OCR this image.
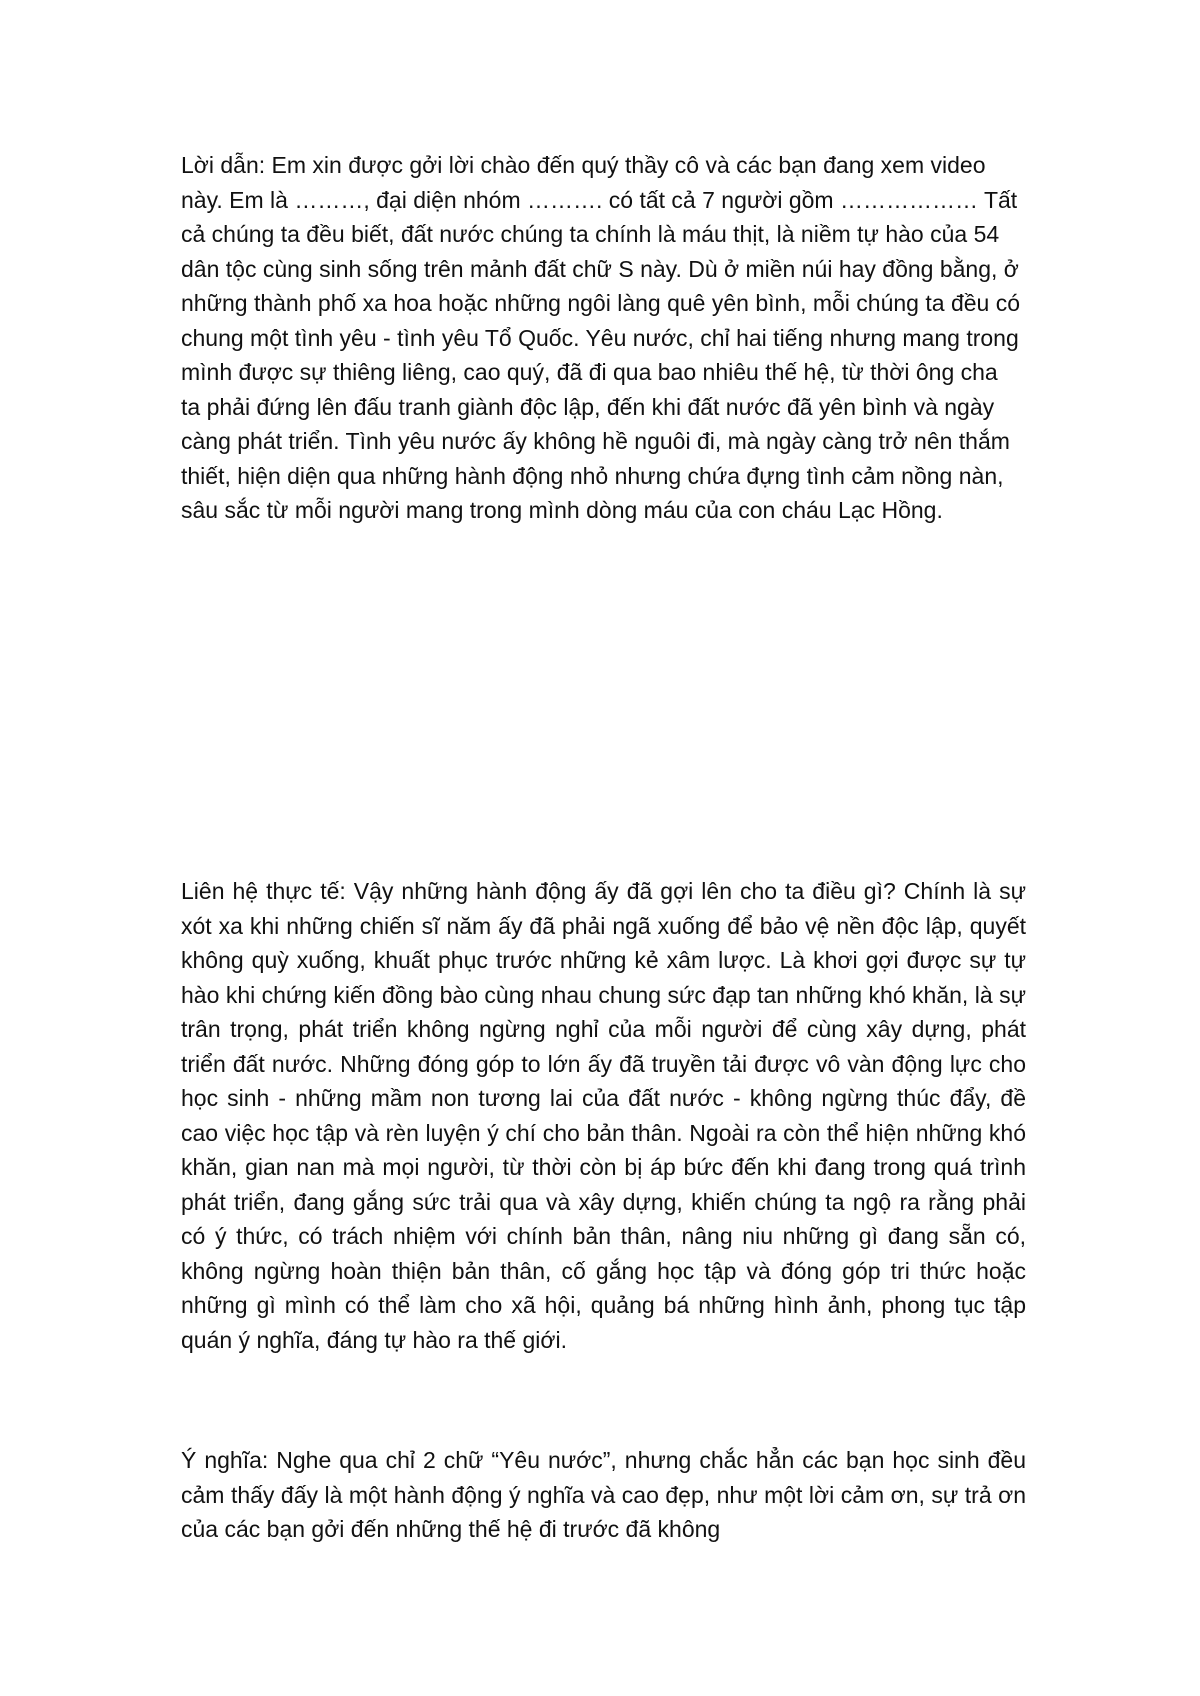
Lời dẫn: Em xin được gởi lời chào đến quý thầy cô và các bạn đang xem video này. Em là ………, đại diện nhóm ………. có tất cả 7 người gồm ……………… Tất cả chúng ta đều biết, đất nước chúng ta chính là máu thịt, là niềm tự hào của 54 dân tộc cùng sinh sống trên mảnh đất chữ S này. Dù ở miền núi hay đồng bằng, ở những thành phố xa hoa hoặc những ngôi làng quê yên bình, mỗi chúng ta đều có chung một tình yêu - tình yêu Tổ Quốc. Yêu nước, chỉ hai tiếng nhưng mang trong mình được sự thiêng liêng, cao quý, đã đi qua bao nhiêu thế hệ, từ thời ông cha ta phải đứng lên đấu tranh giành độc lập, đến khi đất nước đã yên bình và ngày càng phát triển. Tình yêu nước ấy không hề nguôi đi, mà ngày càng trở nên thắm thiết, hiện diện qua những hành động nhỏ nhưng chứa đựng tình cảm nồng nàn, sâu sắc từ mỗi người mang trong mình dòng máu của con cháu Lạc Hồng.

Liên hệ thực tế: Vậy những hành động ấy đã gợi lên cho ta điều gì? Chính là sự xót xa khi những chiến sĩ năm ấy đã phải ngã xuống để bảo vệ nền độc lập, quyết không quỳ xuống, khuất phục trước những kẻ xâm lược. Là khơi gợi được sự tự hào khi chứng kiến đồng bào cùng nhau chung sức đạp tan những khó khăn, là sự trân trọng, phát triển không ngừng nghỉ của mỗi người để cùng xây dựng, phát triển đất nước. Những đóng góp to lớn ấy đã truyền tải được vô vàn động lực cho học sinh - những mầm non tương lai của đất nước - không ngừng thúc đẩy, đề cao việc học tập và rèn luyện ý chí cho bản thân. Ngoài ra còn thể hiện những khó khăn, gian nan mà mọi người, từ thời còn bị áp bức đến khi đang trong quá trình phát triển, đang gắng sức trải qua và xây dựng, khiến chúng ta ngộ ra rằng phải có ý thức, có trách nhiệm với chính bản thân, nâng niu những gì đang sẵn có, không ngừng hoàn thiện bản thân, cố gắng học tập và đóng góp tri thức hoặc những gì mình có thể làm cho xã hội, quảng bá những hình ảnh, phong tục tập quán ý nghĩa, đáng tự hào ra thế giới.

Ý nghĩa: Nghe qua chỉ 2 chữ “Yêu nước”, nhưng chắc hẳn các bạn học sinh đều cảm thấy đấy là một hành động ý nghĩa và cao đẹp, như một lời cảm ơn, sự trả ơn của các bạn gởi đến những thế hệ đi trước đã không
